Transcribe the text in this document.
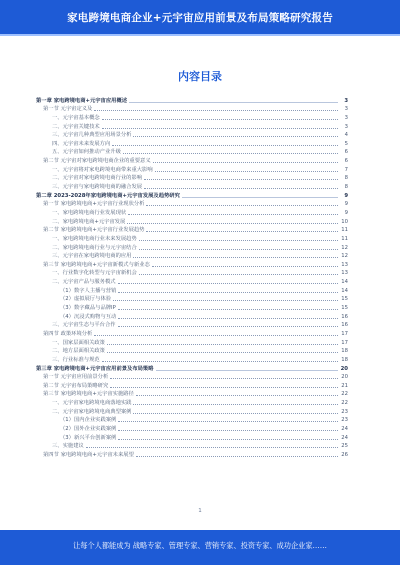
家电跨境电商企业+元宇宙应用前景及布局策略研究报告
内容目录
第一章 家电跨境电商+元宇宙应用概述	3
第一节 元宇宙定义及	3
一、元宇宙基本概念	3
二、元宇宙关键技术	3
三、元宇宙几种典型应用场景分析	4
四、元宇宙未来发展方向	5
五、元宇宙如何推动产业升级	6
第二节 元宇宙对家电跨境电商企业的重要意义	6
一、元宇宙将对家电跨境电商带来重大影响	7
二、元宇宙对家电跨境电商行业的影响	8
三、元宇宙与家电跨境电商的融合发展	8
第二章 2023-2028年家电跨境电商+元宇宙发展及趋势研究	9
第一节 家电跨境电商+元宇宙行业现状分析	9
一、家电跨境电商行业发展现状	9
二、家电跨境电商+元宇宙发展	10
第二节 家电跨境电商+元宇宙行业发展趋势	11
一、家电跨境电商行业未来发展趋势	11
二、家电跨境电商行业与元宇宙结合	12
三、元宇宙在家电跨境电商的应用	12
第三节 家电跨境电商+元宇宙新模式与新业态	13
一、行业数字化转型与元宇宙新机会	13
二、元宇宙产品与服务模式	14
（1）数字人主播与营销	14
（2）虚拟展厅与体验	15
（3）数字藏品与品牌IP	15
（4）沉浸式购物与互动	16
三、元宇宙生态与平台合作	16
第四节 政策环境分析	17
一、国家层面相关政策	17
二、地方层面相关政策	18
三、行业标准与规范	18
第三章 家电跨境电商+元宇宙应用前景及布局策略	20
第一节 元宇宙应用前景分析	20
第二节 元宇宙布局策略研究	21
第三节 家电跨境电商+元宇宙实施路径	22
一、元宇宙家电跨境电商落地实践	22
二、元宇宙家电跨境电商典型案例	23
（1）国内企业实践案例	23
（2）国外企业实践案例	24
（3）新兴平台创新案例	24
三、实施建议	25
第四节 家电跨境电商+元宇宙未来展望	26
1
让每个人都能成为 战略专家、管理专家、营销专家、投资专家、成功企业家……
